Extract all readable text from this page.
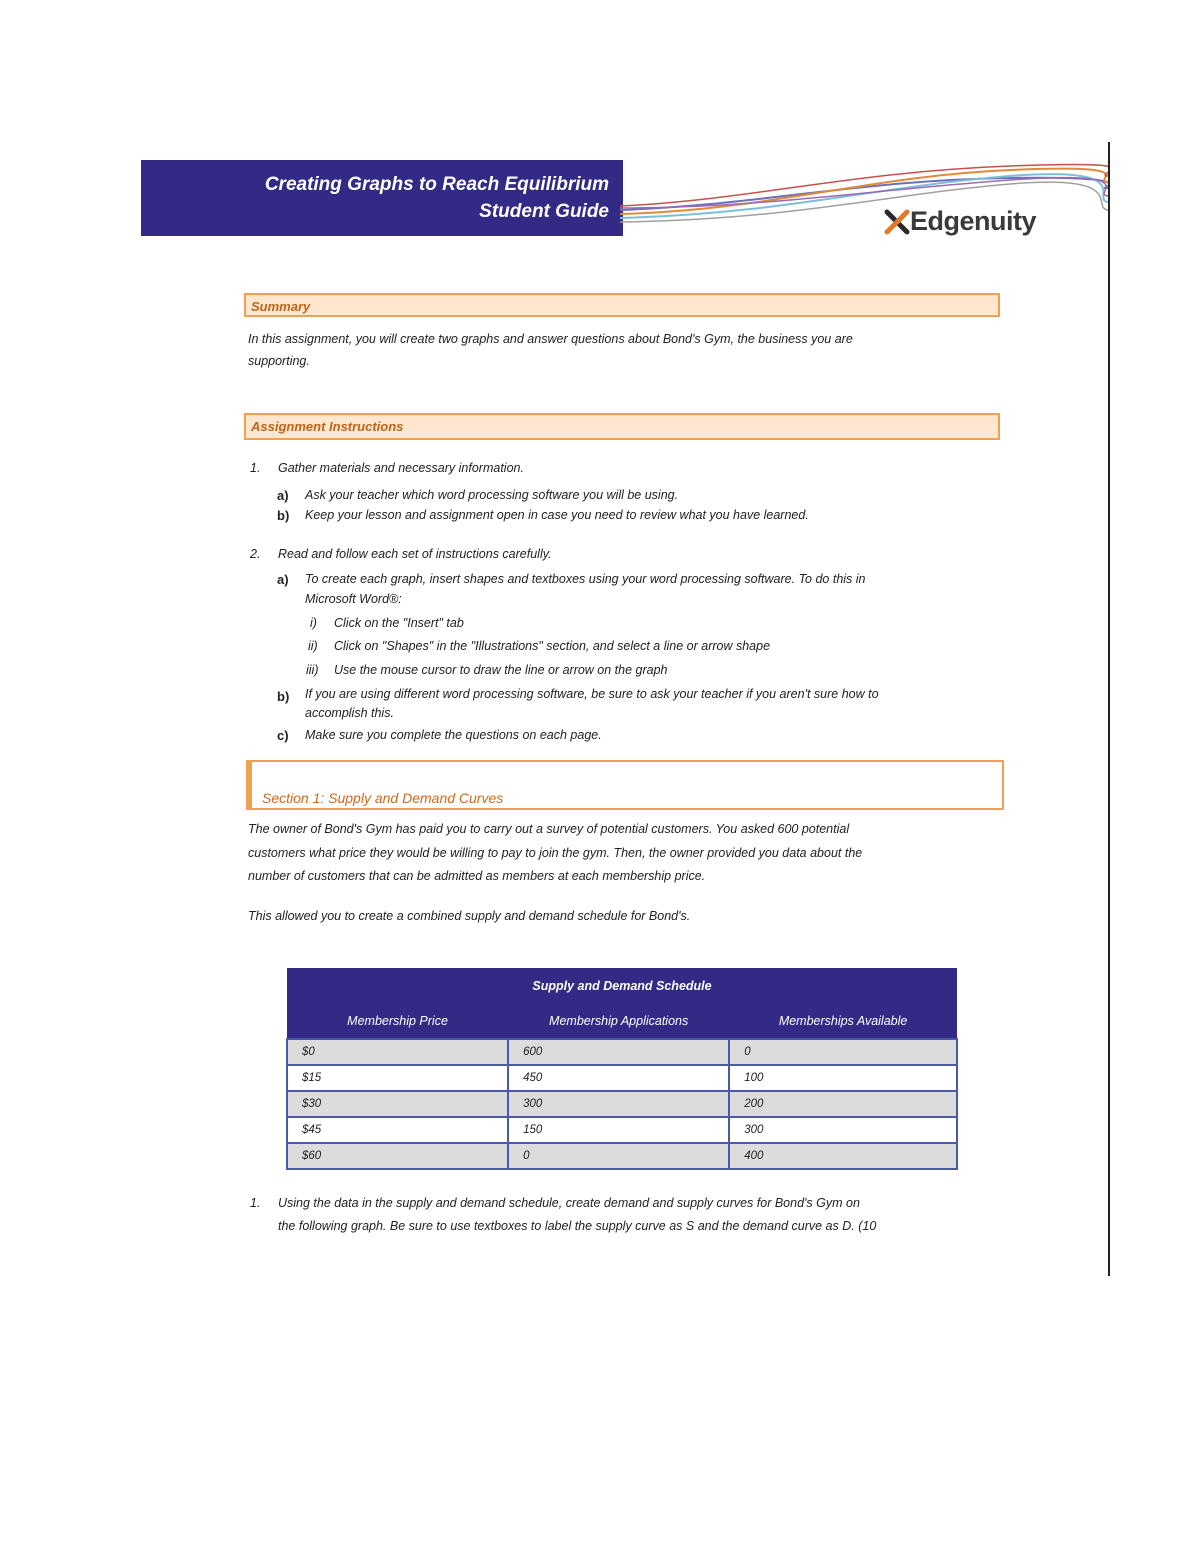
Creating Graphs to Reach Equilibrium
Student Guide	Edgenuity
Summary
In this assignment, you will create two graphs and answer questions about Bond's Gym, the business you are
supporting.
Assignment Instructions
1. Gather materials and necessary information.
a) Ask your teacher which word processing software you will be using.
b) Keep your lesson and assignment open in case you need to review what you have learned.
2. Read and follow each set of instructions carefully.
a) To create each graph, insert shapes and textboxes using your word processing software. To do this in
Microsoft Word®:
i) Click on the "Insert" tab
ii) Click on "Shapes" in the "Illustrations" section, and select a line or arrow shape
iii) Use the mouse cursor to draw the line or arrow on the graph
b) If you are using different word processing software, be sure to ask your teacher if you aren't sure how to
accomplish this.
c) Make sure you complete the questions on each page.
Section 1: Supply and Demand Curves
The owner of Bond's Gym has paid you to carry out a survey of potential customers. You asked 600 potential
customers what price they would be willing to pay to join the gym. Then, the owner provided you data about the
number of customers that can be admitted as members at each membership price.
This allowed you to create a combined supply and demand schedule for Bond's.
Supply and Demand Schedule		
Membership Price	Membership Applications	Memberships Available
$0	600	0
$15	450	100
$30	300	200
$45	150	300
$60	0	400
1. Using the data in the supply and demand schedule, create demand and supply curves for Bond's Gym on
the following graph. Be sure to use textboxes to label the supply curve as S and the demand curve as D. (10
